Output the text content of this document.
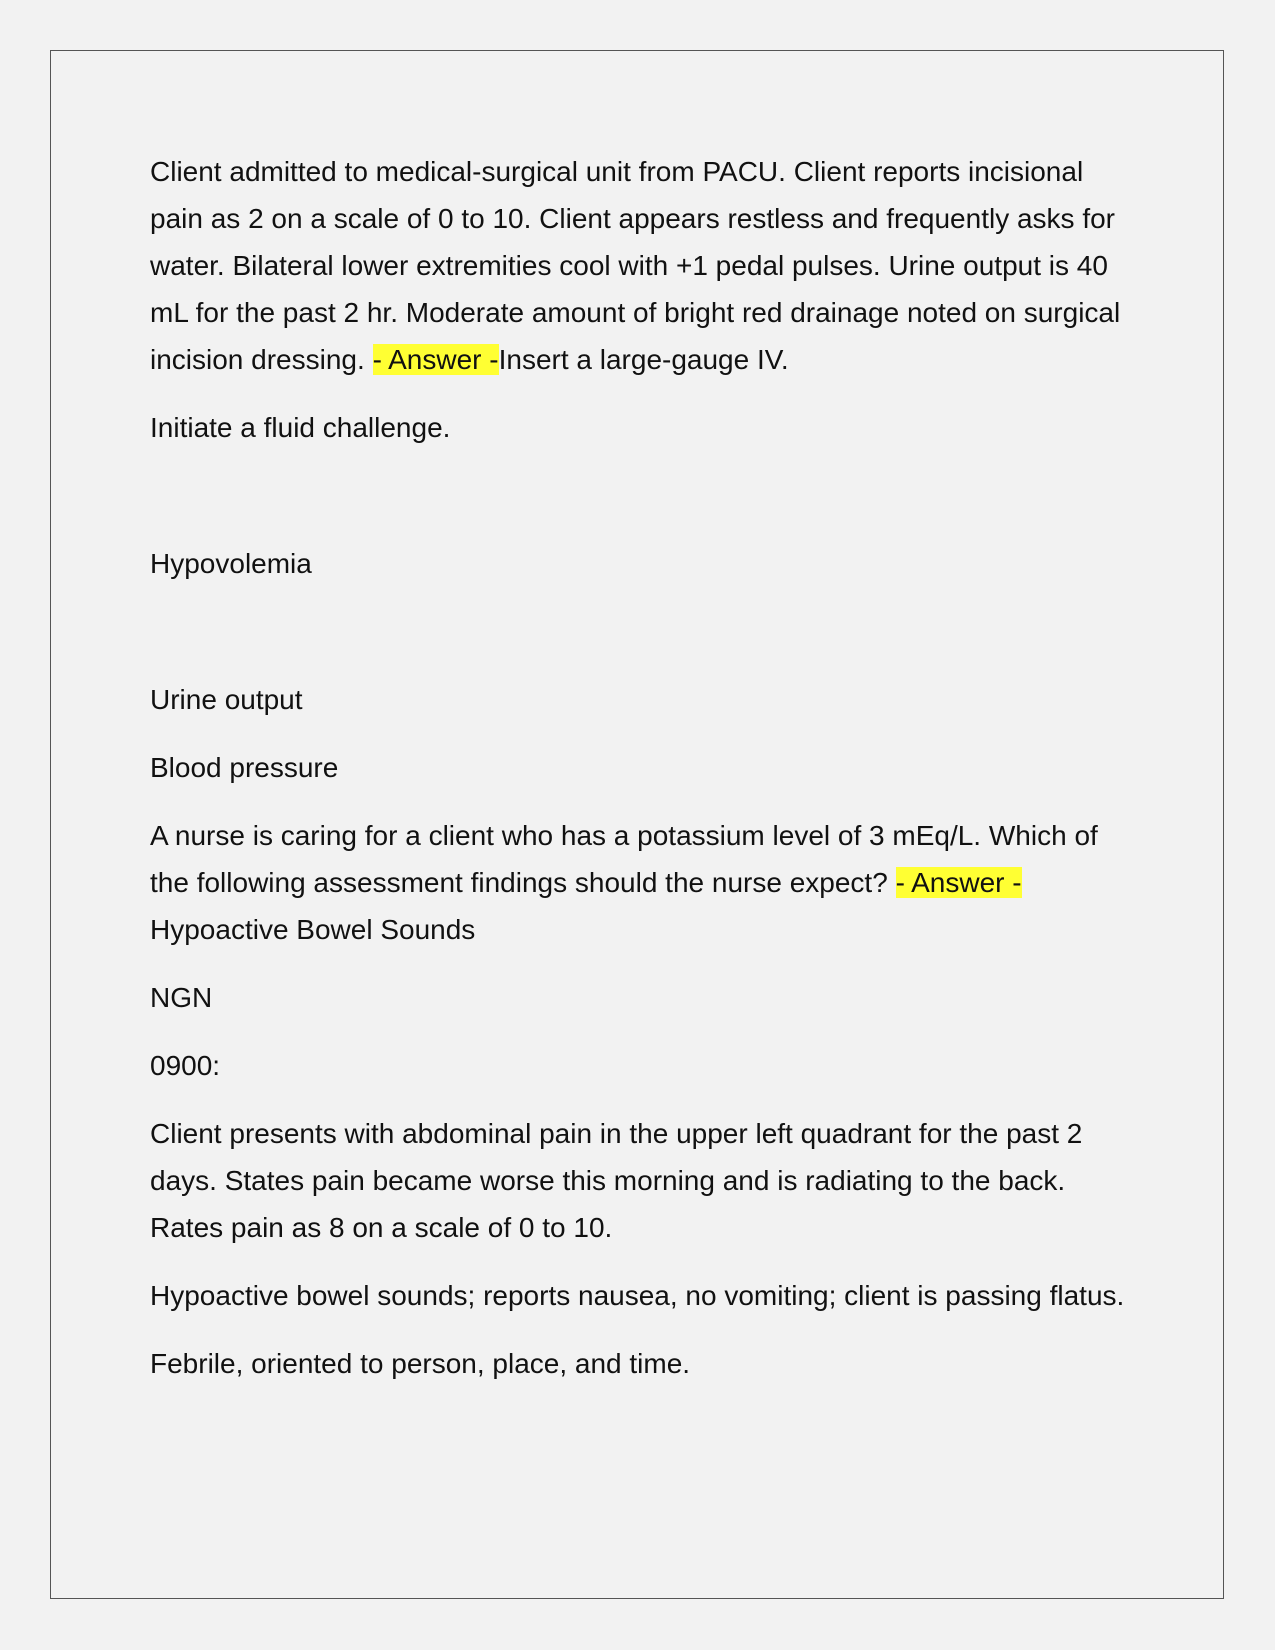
Client admitted to medical-surgical unit from PACU. Client reports incisional pain as 2 on a scale of 0 to 10. Client appears restless and frequently asks for water. Bilateral lower extremities cool with +1 pedal pulses. Urine output is 40 mL for the past 2 hr. Moderate amount of bright red drainage noted on surgical incision dressing. - Answer -Insert a large-gauge IV.

Initiate a fluid challenge.

Hypovolemia

Urine output

Blood pressure

A nurse is caring for a client who has a potassium level of 3 mEq/L. Which of the following assessment findings should the nurse expect? - Answer -Hypoactive Bowel Sounds

NGN

0900:

Client presents with abdominal pain in the upper left quadrant for the past 2 days. States pain became worse this morning and is radiating to the back. Rates pain as 8 on a scale of 0 to 10.

Hypoactive bowel sounds; reports nausea, no vomiting; client is passing flatus.

Febrile, oriented to person, place, and time.
